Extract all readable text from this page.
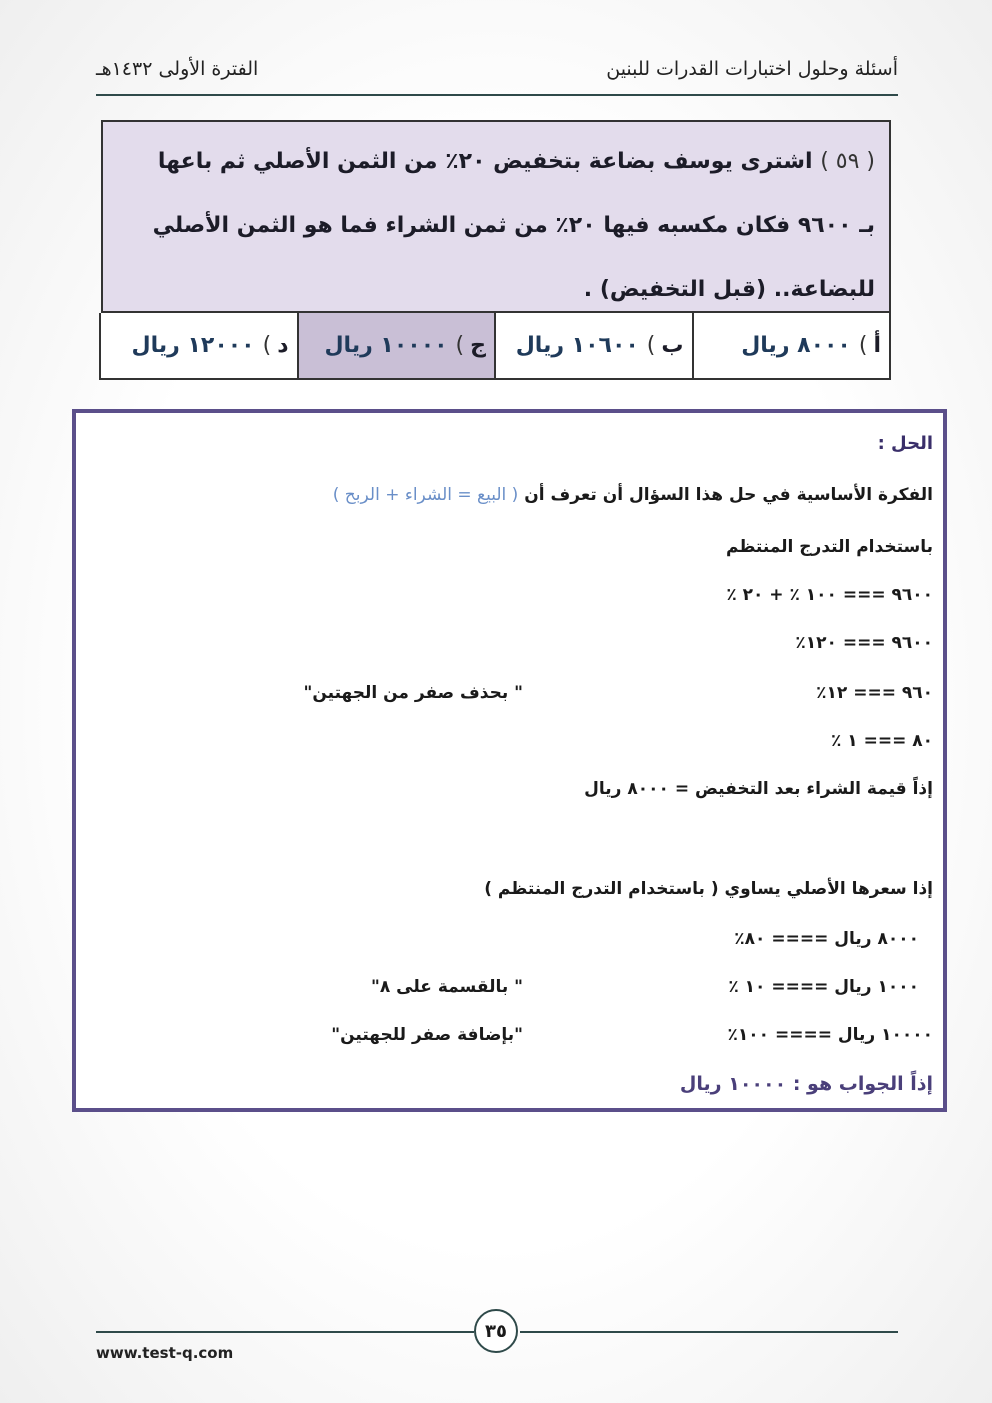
أسئلة وحلول اختبارات القدرات للبنين
الفترة الأولى ١٤٣٢هـ
( ٥٩ ) اشترى يوسف بضاعة بتخفيض ٢٠٪ من الثمن الأصلي ثم باعها
بـ ٩٦٠٠ فكان مكسبه فيها ٢٠٪ من ثمن الشراء فما هو الثمن الأصلي
للبضاعة.. (قبل التخفيض) .
أ
)
٨٠٠٠ ريال
ب
)
١٠٦٠٠ ريال
ج
)
١٠٠٠٠ ريال
د
)
١٢٠٠٠ ريال
الحل :
الفكرة الأساسية في حل هذا السؤال أن تعرف أن ( البيع = الشراء + الربح )
باستخدام التدرج المنتظم
٩٦٠٠ === ١٠٠ ٪ + ٢٠ ٪
٩٦٠٠ === ١٢٠٪
٩٦٠ === ١٢٪
" بحذف صفر من الجهتين"
٨٠ === ١ ٪
إذاً قيمة الشراء بعد التخفيض = ٨٠٠٠ ريال
إذا سعرها الأصلي يساوي ( باستخدام التدرج المنتظم )
٨٠٠٠ ريال ==== ٨٠٪
١٠٠٠ ريال ==== ١٠ ٪
" بالقسمة على ٨"
١٠٠٠٠ ريال ==== ١٠٠٪
"بإضافة صفر للجهتين"
إذاً الجواب هو : ١٠٠٠٠ ريال
٣٥
www.test-q.com
